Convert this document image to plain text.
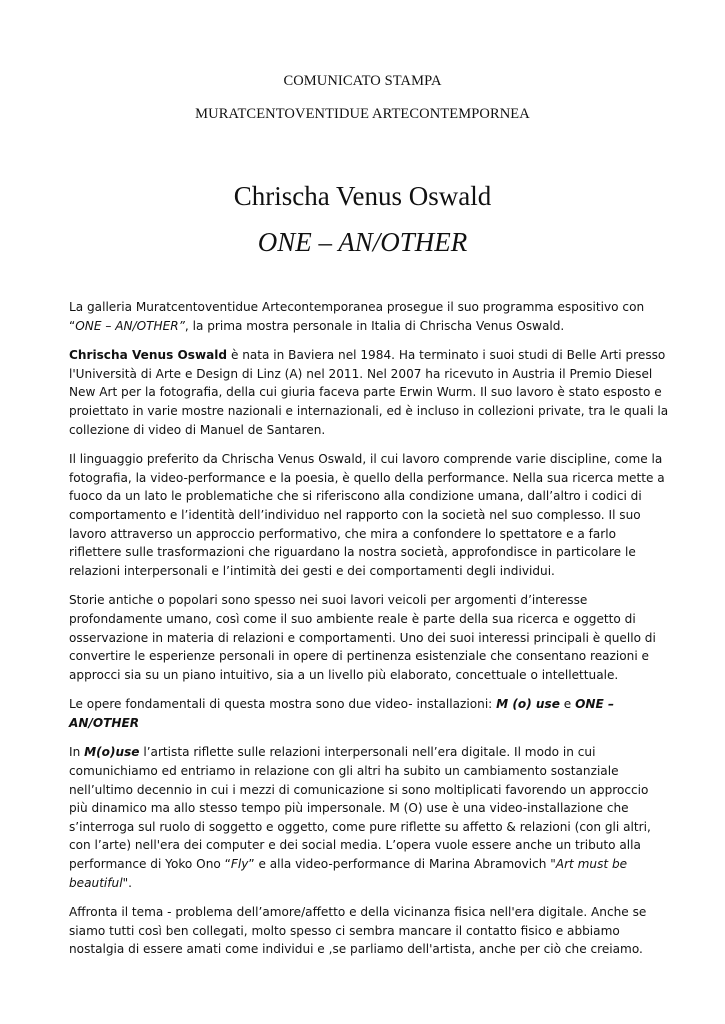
COMUNICATO STAMPA
MURATCENTOVENTIDUE ARTECONTEMPORNEA
Chrischa Venus Oswald
ONE – AN/OTHER

La galleria Muratcentoventidue Artecontemporanea prosegue il suo programma espositivo con “ONE – AN/OTHER”, la prima mostra personale in Italia di Chrischa Venus Oswald.

Chrischa Venus Oswald è nata in Baviera nel 1984. Ha terminato i suoi studi di Belle Arti presso l'Università di Arte e Design di Linz (A) nel 2011. Nel 2007 ha ricevuto in Austria il Premio Diesel New Art per la fotografia, della cui giuria faceva parte Erwin Wurm. Il suo lavoro è stato esposto e proiettato in varie mostre nazionali e internazionali, ed è incluso in collezioni private, tra le quali la collezione di video di Manuel de Santaren.

Il linguaggio preferito da Chrischa Venus Oswald, il cui lavoro comprende varie discipline, come la fotografia, la video-performance e la poesia, è quello della performance. Nella sua ricerca mette a fuoco da un lato le problematiche che si riferiscono alla condizione umana, dall’altro i codici di comportamento e l’identità dell’individuo nel rapporto con la società nel suo complesso. Il suo lavoro attraverso un approccio performativo, che mira a confondere lo spettatore e a farlo riflettere sulle trasformazioni che riguardano la nostra società, approfondisce in particolare le relazioni interpersonali e l’intimità dei gesti e dei comportamenti degli individui.

Storie antiche o popolari sono spesso nei suoi lavori veicoli per argomenti d’interesse profondamente umano, così come il suo ambiente reale è parte della sua ricerca e oggetto di osservazione in materia di relazioni e comportamenti. Uno dei suoi interessi principali è quello di convertire le esperienze personali in opere di pertinenza esistenziale che consentano reazioni e approcci sia su un piano intuitivo, sia a un livello più elaborato, concettuale o intellettuale.

Le opere fondamentali di questa mostra sono due video- installazioni: M (o) use e ONE – AN/OTHER

In M(o)use l’artista riflette sulle relazioni interpersonali nell’era digitale. Il modo in cui comunichiamo ed entriamo in relazione con gli altri ha subito un cambiamento sostanziale nell’ultimo decennio in cui i mezzi di comunicazione si sono moltiplicati favorendo un approccio più dinamico ma allo stesso tempo più impersonale. M (O) use è una video-installazione che s’interroga sul ruolo di soggetto e oggetto, come pure riflette su affetto & relazioni (con gli altri, con l’arte) nell'era dei computer e dei social media. L’opera vuole essere anche un tributo alla performance di Yoko Ono “Fly” e alla video-performance di Marina Abramovich "Art must be beautiful".

Affronta il tema - problema dell’amore/affetto e della vicinanza fisica nell'era digitale. Anche se siamo tutti così ben collegati, molto spesso ci sembra mancare il contatto fisico e abbiamo nostalgia di essere amati come individui e ,se parliamo dell'artista, anche per ciò che creiamo.
